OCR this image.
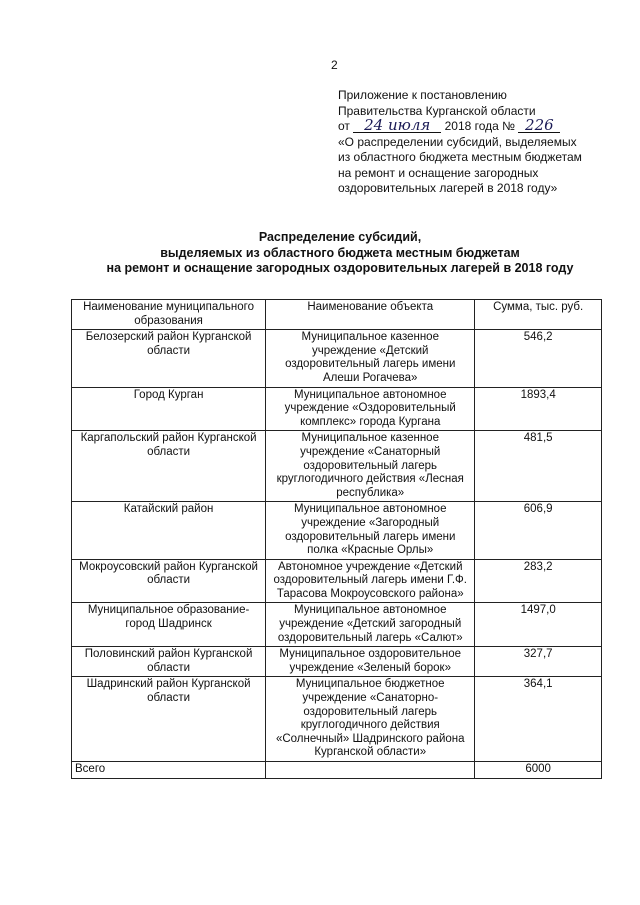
2
Приложение к постановлению
Правительства Курганской области
от 24 июля 2018 года № 226
«О распределении субсидий, выделяемых
из областного бюджета местным бюджетам
на ремонт и оснащение загородных
оздоровительных лагерей в 2018 году»
Распределение субсидий,
выделяемых из областного бюджета местным бюджетам
на ремонт и оснащение загородных оздоровительных лагерей в 2018 году
Наименование муниципального образования	Наименование объекта	Сумма, тыс. руб.
Белозерский район Курганской области	Муниципальное казенное учреждение «Детский оздоровительный лагерь имени Алеши Рогачева»	546,2
Город Курган	Муниципальное автономное учреждение «Оздоровительный комплекс» города Кургана	1893,4
Каргапольский район Курганской области	Муниципальное казенное учреждение «Санаторный оздоровительный лагерь круглогодичного действия «Лесная республика»	481,5
Катайский район	Муниципальное автономное учреждение «Загородный оздоровительный лагерь имени полка «Красные Орлы»	606,9
Мокроусовский район Курганской области	Автономное учреждение «Детский оздоровительный лагерь имени Г.Ф. Тарасова Мокроусовского района»	283,2
Муниципальное образование-город Шадринск	Муниципальное автономное учреждение «Детский загородный оздоровительный лагерь «Салют»	1497,0
Половинский район Курганской области	Муниципальное оздоровительное учреждение «Зеленый борок»	327,7
Шадринский район Курганской области	Муниципальное бюджетное учреждение «Санаторно-оздоровительный лагерь круглогодичного действия «Солнечный» Шадринского района Курганской области»	364,1
Всего		6000
